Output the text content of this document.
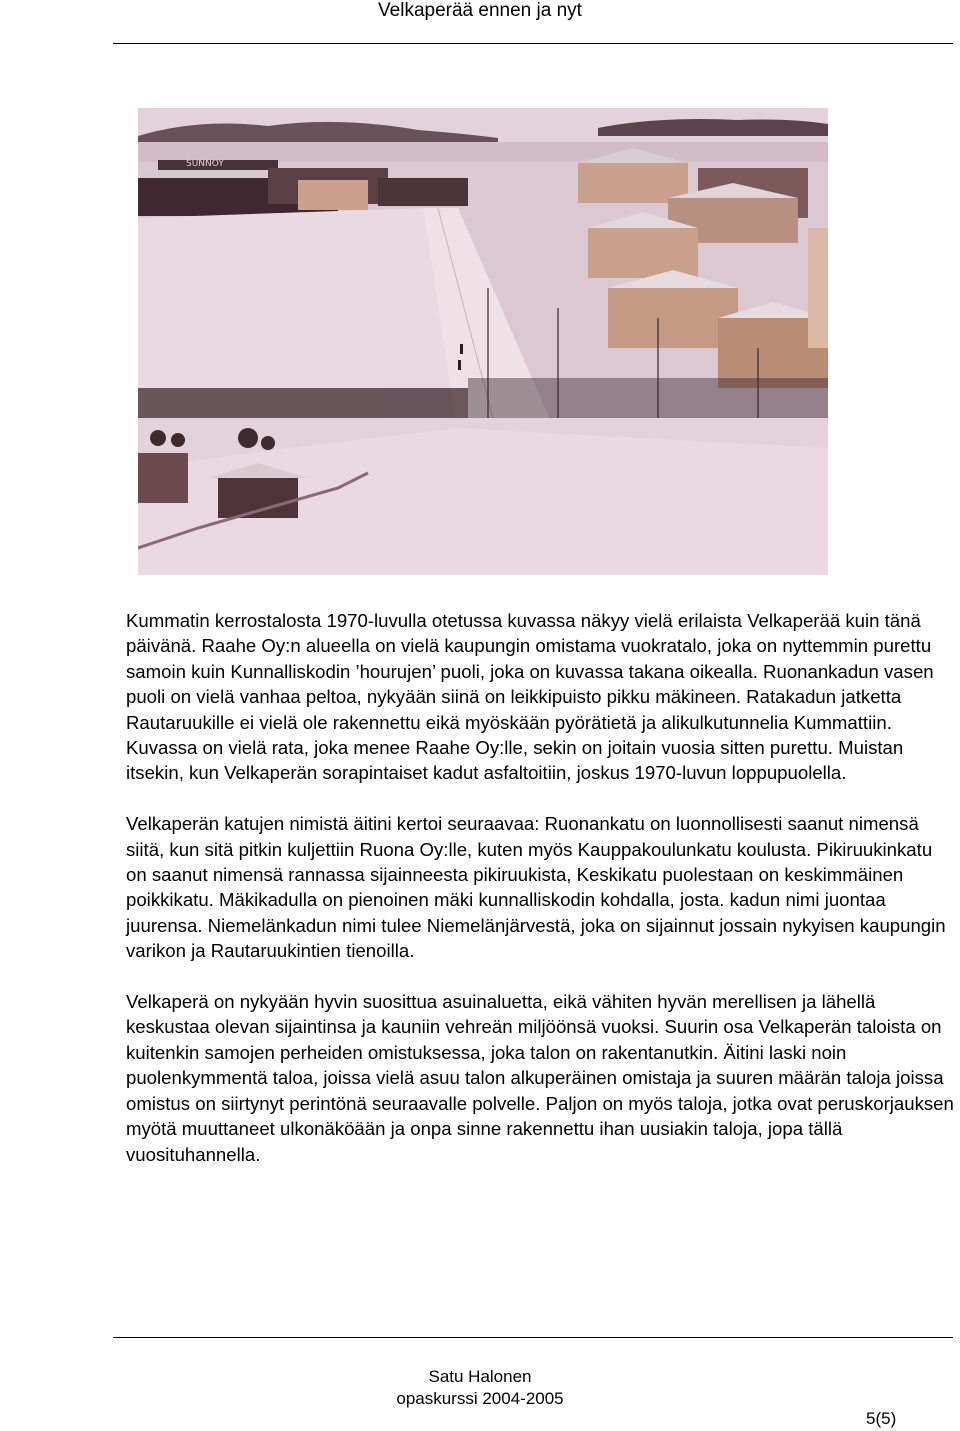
Velkaperää ennen ja nyt
SUNNOY

Kummatin kerrostalosta 1970-luvulla otetussa kuvassa näkyy vielä erilaista Velkaperää kuin tänä päivänä. Raahe Oy:n alueella on vielä kaupungin omistama vuokratalo, joka on nyttemmin purettu samoin kuin Kunnalliskodin ’hourujen’ puoli, joka on kuvassa takana oikealla. Ruonankadun vasen puoli on vielä vanhaa peltoa, nykyään siinä on leikkipuisto pikku mäkineen. Ratakadun jatketta Rautaruukille ei vielä ole rakennettu eikä myöskään pyörätietä ja alikulkutunnelia Kummattiin. Kuvassa on vielä rata, joka menee Raahe Oy:lle, sekin on joitain vuosia sitten purettu. Muistan itsekin, kun Velkaperän sorapintaiset kadut asfaltoitiin, joskus 1970-luvun loppupuolella.

Velkaperän katujen nimistä äitini kertoi seuraavaa: Ruonankatu on luonnollisesti saanut nimensä siitä, kun sitä pitkin kuljettiin Ruona Oy:lle, kuten myös Kauppakoulunkatu koulusta. Pikiruukinkatu on saanut nimensä rannassa sijainneesta pikiruukista, Keskikatu puolestaan on keskimmäinen poikkikatu. Mäkikadulla on pienoinen mäki kunnalliskodin kohdalla, josta. kadun nimi juontaa juurensa. Niemelänkadun nimi tulee Niemelänjärvestä, joka on sijainnut jossain nykyisen kaupungin varikon ja Rautaruukintien tienoilla.

Velkaperä on nykyään hyvin suosittua asuinaluetta, eikä vähiten hyvän merellisen ja lähellä keskustaa olevan sijaintinsa ja kauniin vehreän miljöönsä vuoksi. Suurin osa Velkaperän taloista on kuitenkin samojen perheiden omistuksessa, joka talon on rakentanutkin. Äitini laski noin puolenkymmentä taloa, joissa vielä asuu talon alkuperäinen omistaja ja suuren määrän taloja joissa omistus on siirtynyt perintönä seuraavalle polvelle. Paljon on myös taloja, jotka ovat peruskorjauksen myötä muuttaneet ulkonäköään ja onpa sinne rakennettu ihan uusiakin taloja, jopa tällä vuosituhannella.

Satu Halonen
opaskurssi 2004-2005
5(5)
